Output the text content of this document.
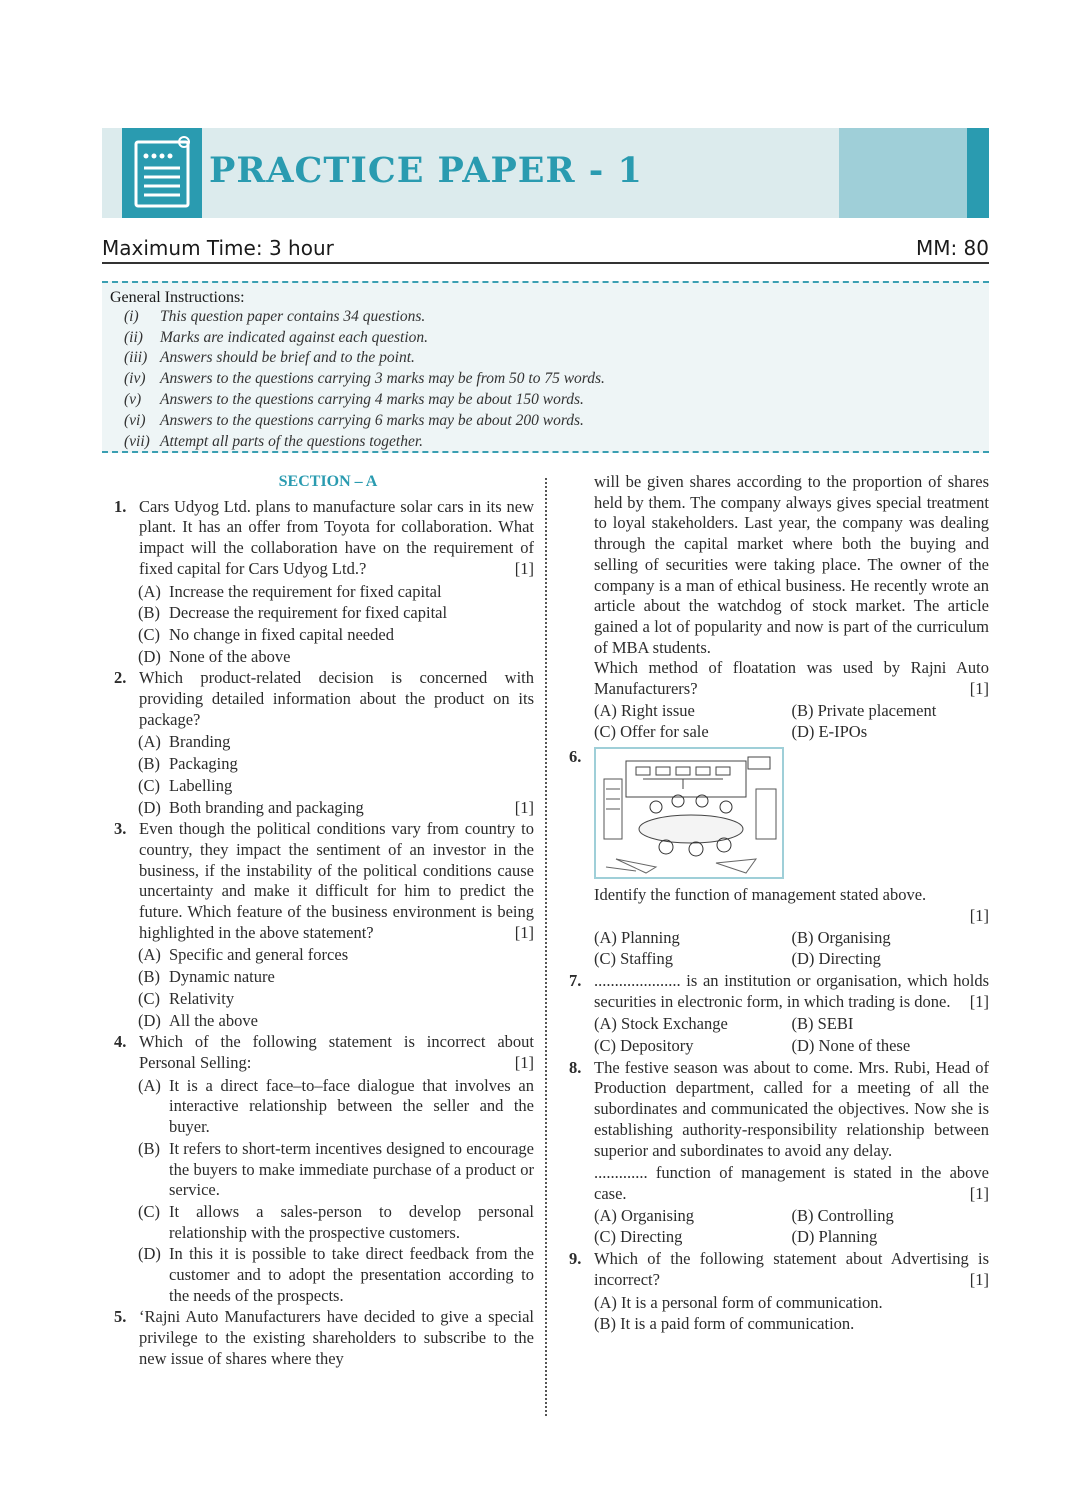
PRACTICE PAPER - 1
Maximum Time: 3 hour	MM: 80
General Instructions:
(i) This question paper contains 34 questions.
(ii) Marks are indicated against each question.
(iii) Answers should be brief and to the point.
(iv) Answers to the questions carrying 3 marks may be from 50 to 75 words.
(v) Answers to the questions carrying 4 marks may be about 150 words.
(vi) Answers to the questions carrying 6 marks may be about 200 words.
(vii) Attempt all parts of the questions together.
SECTION – A
1. Cars Udyog Ltd. plans to manufacture solar cars in its new plant. It has an offer from Toyota for collaboration. What impact will the collaboration have on the requirement of fixed capital for Cars Udyog Ltd.?	[1]
(A) Increase the requirement for fixed capital
(B) Decrease the requirement for fixed capital
(C) No change in fixed capital needed
(D) None of the above
2. Which product-related decision is concerned with providing detailed information about the product on its package?
(A) Branding
(B) Packaging
(C) Labelling
(D) Both branding and packaging	[1]
3. Even though the political conditions vary from country to country, they impact the sentiment of an investor in the business, if the instability of the political conditions cause uncertainty and make it difficult for him to predict the future. Which feature of the business environment is being highlighted in the above statement?	[1]
(A) Specific and general forces
(B) Dynamic nature
(C) Relativity
(D) All the above
4. Which of the following statement is incorrect about Personal Selling:	[1]
(A) It is a direct face–to–face dialogue that involves an interactive relationship between the seller and the buyer.
(B) It refers to short-term incentives designed to encourage the buyers to make immediate purchase of a product or service.
(C) It allows a sales-person to develop personal relationship with the prospective customers.
(D) In this it is possible to take direct feedback from the customer and to adopt the presentation according to the needs of the prospects.
5. ‘Rajni Auto Manufacturers have decided to give a special privilege to the existing shareholders to subscribe to the new issue of shares where they
will be given shares according to the proportion of shares held by them. The company always gives special treatment to loyal stakeholders. Last year, the company was dealing through the capital market where both the buying and selling of securities were taking place. The owner of the company is a man of ethical business. He recently wrote an article about the watchdog of stock market. The article gained a lot of popularity and now is part of the curriculum of MBA students.
Which method of floatation was used by Rajni Auto Manufacturers?	[1]
(A) Right issue	(B) Private placement
(C) Offer for sale	(D) E-IPOs
6.
Identify the function of management stated above.
[1]
(A) Planning	(B) Organising
(C) Staffing	(D) Directing
7. ..................... is an institution or organisation, which holds securities in electronic form, in which trading is done. [1]
(A) Stock Exchange	(B) SEBI
(C) Depository	(D) None of these
8. The festive season was about to come. Mrs. Rubi, Head of Production department, called for a meeting of all the subordinates and communicated the objectives. Now she is establishing authority-responsibility relationship between superior and subordinates to avoid any delay.
............. function of management is stated in the above case.	[1]
(A) Organising	(B) Controlling
(C) Directing	(D) Planning
9. Which of the following statement about Advertising is incorrect?	[1]
(A) It is a personal form of communication.
(B) It is a paid form of communication.
